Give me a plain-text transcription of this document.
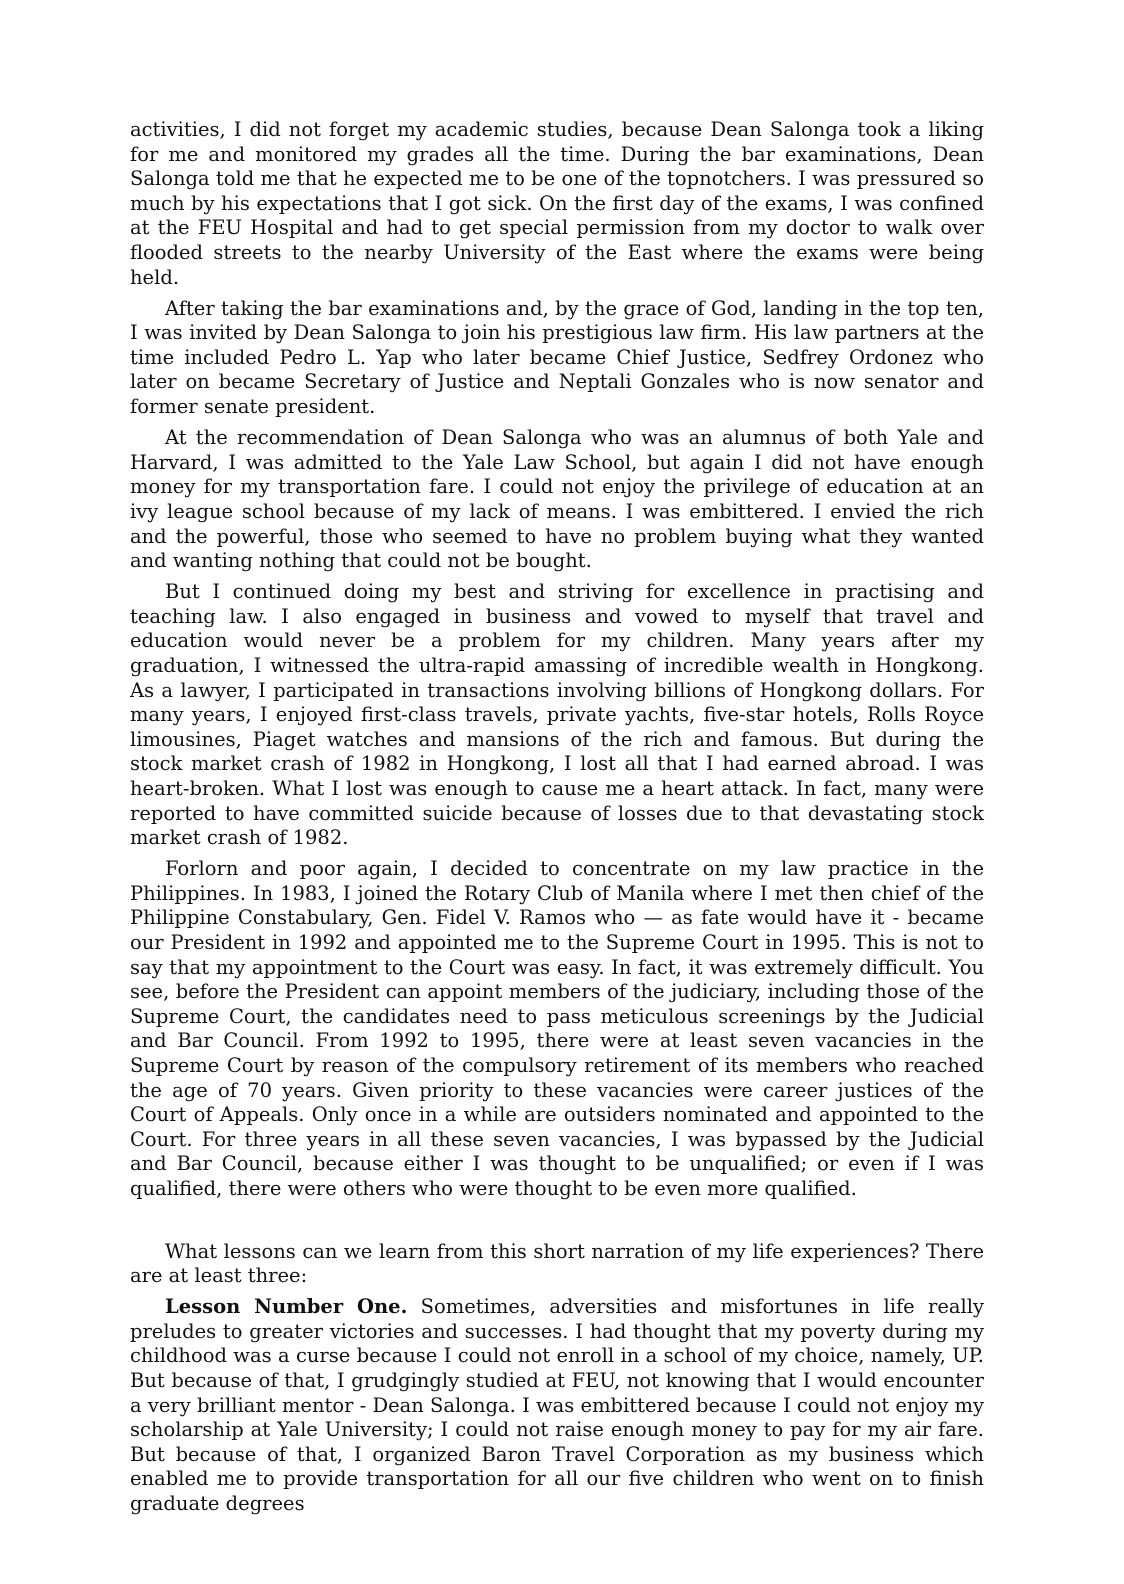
activities, I did not forget my academic studies, because Dean Salonga took a liking for me and monitored my grades all the time. During the bar examinations, Dean Salonga told me that he expected me to be one of the topnotchers. I was pressured so much by his expectations that I got sick. On the first day of the exams, I was confined at the FEU Hospital and had to get special permission from my doctor to walk over flooded streets to the nearby University of the East where the exams were being held.

After taking the bar examinations and, by the grace of God, landing in the top ten, I was invited by Dean Salonga to join his prestigious law firm. His law partners at the time included Pedro L. Yap who later became Chief Justice, Sedfrey Ordonez who later on became Secretary of Justice and Neptali Gonzales who is now senator and former senate president.

At the recommendation of Dean Salonga who was an alumnus of both Yale and Harvard, I was admitted to the Yale Law School, but again I did not have enough money for my transportation fare. I could not enjoy the privilege of education at an ivy league school because of my lack of means. I was embittered. I envied the rich and the powerful, those who seemed to have no problem buying what they wanted and wanting nothing that could not be bought.

But I continued doing my best and striving for excellence in practising and teaching law. I also engaged in business and vowed to myself that travel and education would never be a problem for my children. Many years after my graduation, I witnessed the ultra-rapid amassing of incredible wealth in Hongkong. As a lawyer, I participated in transactions involving billions of Hongkong dollars. For many years, I enjoyed first-class travels, private yachts, five-star hotels, Rolls Royce limousines, Piaget watches and mansions of the rich and famous. But during the stock market crash of 1982 in Hongkong, I lost all that I had earned abroad. I was heart-broken. What I lost was enough to cause me a heart attack. In fact, many were reported to have committed suicide because of losses due to that devastating stock market crash of 1982.

Forlorn and poor again, I decided to concentrate on my law practice in the Philippines. In 1983, I joined the Rotary Club of Manila where I met then chief of the Philippine Constabulary, Gen. Fidel V. Ramos who — as fate would have it - became our President in 1992 and appointed me to the Supreme Court in 1995. This is not to say that my appointment to the Court was easy. In fact, it was extremely difficult. You see, before the President can appoint members of the judiciary, including those of the Supreme Court, the candidates need to pass meticulous screenings by the Judicial and Bar Council. From 1992 to 1995, there were at least seven vacancies in the Supreme Court by reason of the compulsory retirement of its members who reached the age of 70 years. Given priority to these vacancies were career justices of the Court of Appeals. Only once in a while are outsiders nominated and appointed to the Court. For three years in all these seven vacancies, I was bypassed by the Judicial and Bar Council, because either I was thought to be unqualified; or even if I was qualified, there were others who were thought to be even more qualified.

What lessons can we learn from this short narration of my life experiences? There are at least three:

Lesson Number One. Sometimes, adversities and misfortunes in life really preludes to greater victories and successes. I had thought that my poverty during my childhood was a curse because I could not enroll in a school of my choice, namely, UP. But because of that, I grudgingly studied at FEU, not knowing that I would encounter a very brilliant mentor - Dean Salonga. I was embittered because I could not enjoy my scholarship at Yale University; I could not raise enough money to pay for my air fare. But because of that, I organized Baron Travel Corporation as my business which enabled me to provide transportation for all our five children who went on to finish graduate degrees
